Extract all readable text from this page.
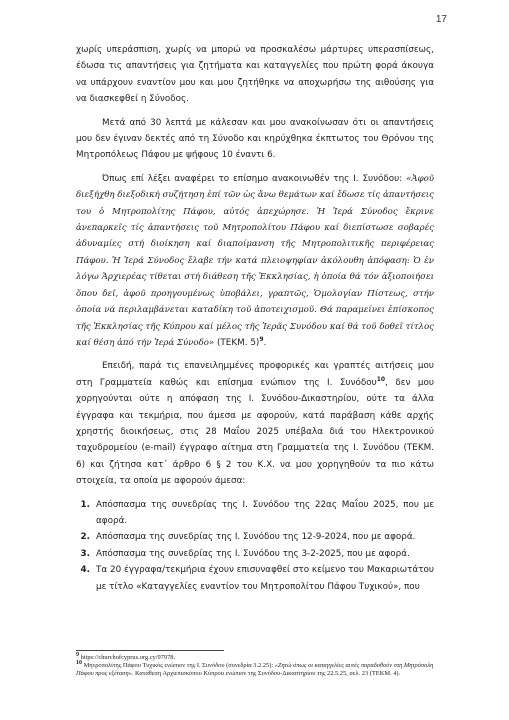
17

χωρίς υπεράσπιση, χωρίς να μπορώ να προσκαλέσω μάρτυρες υπερασπίσεως, έδωσα τις απαντήσεις για ζητήματα και καταγγελίες που πρώτη φορά άκουγα να υπάρχουν εναντίον μου και μου ζητήθηκε να αποχωρήσω της αιθούσης για να διασκεφθεί η Σύνοδος.

Μετά από 30 λεπτά με κάλεσαν και μου ανακοίνωσαν ότι οι απαντήσεις μου δεν έγιναν δεκτές από τη Σύνοδο και κηρύχθηκα έκπτωτος του Θρόνου της Μητροπόλεως Πάφου με ψήφους 10 έναντι 6.

Όπως επί λέξει αναφέρει το επίσημο ανακοινωθέν της Ι. Συνόδου: «Ἀφοῦ διεξήχθη διεξοδική συζήτηση ἐπί τῶν ὡς ἄνω θεμάτων καί ἔδωσε τίς ἀπαντήσεις του ὁ Μητροπολίτης Πάφου, αὐτός ἀπεχώρησε. Ἡ Ἱερά Σύνοδος ἔκρινε ἀνεπαρκεῖς τίς ἀπαντήσεις τοῦ Μητροπολίτου Πάφου καί διεπίστωσε σοβαρές ἀδυναμίες στή διοίκηση καί διαποίμανση τῆς Μητροπολιτικῆς περιφέρειας Πάφου. Ἡ Ἱερά Σύνοδος ἔλαβε τήν κατά πλειοψηφίαν ἀκόλουθη ἀπόφαση: Ὁ ἐν λόγω Ἀρχιερέας τίθεται στή διάθεση τῆς Ἐκκλησίας, ἡ ὁποία θά τόν ἀξιοποιήσει ὅπου δεῖ, ἀφοῦ προηγουμένως ὑποβάλει, γραπτῶς, Ὁμολογίαν Πίστεως, στήν ὁποία νά περιλαμβάνεται καταδίκη τοῦ ἀποτειχισμοῦ. Θά παραμείνει ἐπίσκοπος τῆς Ἐκκλησίας τῆς Κύπρου καί μέλος τῆς Ἱερᾶς Συνόδου καί θά τοῦ δοθεῖ τίτλος καί θέση ἀπό τήν Ἱερά Σύνοδο» (ΤΕΚΜ. 5)$^9$.

Επειδή, παρά τις επανειλημμένες προφορικές και γραπτές αιτήσεις μου στη Γραμματεία καθώς και επίσημα ενώπιον της Ι. Συνόδου$^{10}$, δεν μου χορηγούνται ούτε η απόφαση της Ι. Συνόδου-Δικαστηρίου, ούτε τα άλλα έγγραφα και τεκμήρια, που άμεσα με αφορούν, κατά παράβαση κάθε αρχής χρηστής διοικήσεως, στις 28 Μαΐου 2025 υπέβαλα διά του Ηλεκτρονικού ταχυδρομείου (e-mail) έγγραφο αίτημα στη Γραμματεία της Ι. Συνόδου (ΤΕΚΜ. 6) και ζήτησα κατ΄ άρθρο 6 § 2 του Κ.Χ. να μου χορηγηθούν τα πιο κάτω στοιχεία, τα οποία με αφορούν άμεσα:

1. Απόσπασμα της συνεδρίας της Ι. Συνόδου της 22ας Μαΐου 2025, που με αφορά.
2. Απόσπασμα της συνεδρίας της Ι. Συνόδου της 12-9-2024, που με αφορά.
3. Απόσπασμα της συνεδρίας της Ι. Συνόδου της 3-2-2025, που με αφορά.
4. Τα 20 έγγραφα/τεκμήρια έχουν επισυναφθεί στο κείμενο του Μακαριωτάτου με τίτλο «Καταγγελίες εναντίον του Μητροπολίτου Πάφου Τυχικού», που

$^9$ https://churchofcyprus.org.cy/97978.

$^{10}$ Μητροπολίτης Πάφου Τυχικός ενώπιον της Ι. Συνόδου (συνεδρία 3.2.25): «Ζητώ όπως οι καταγγελίες αυτές παραδοθούν στη Μητρόπολη Πάφου προς εξέταση». Κατάθεση Αρχιεπισκόπου Κύπρου ενώπιον της Συνόδου-Δικαστηρίου της 22.5.25, σελ. 23 (ΤΕΚΜ. 4).
